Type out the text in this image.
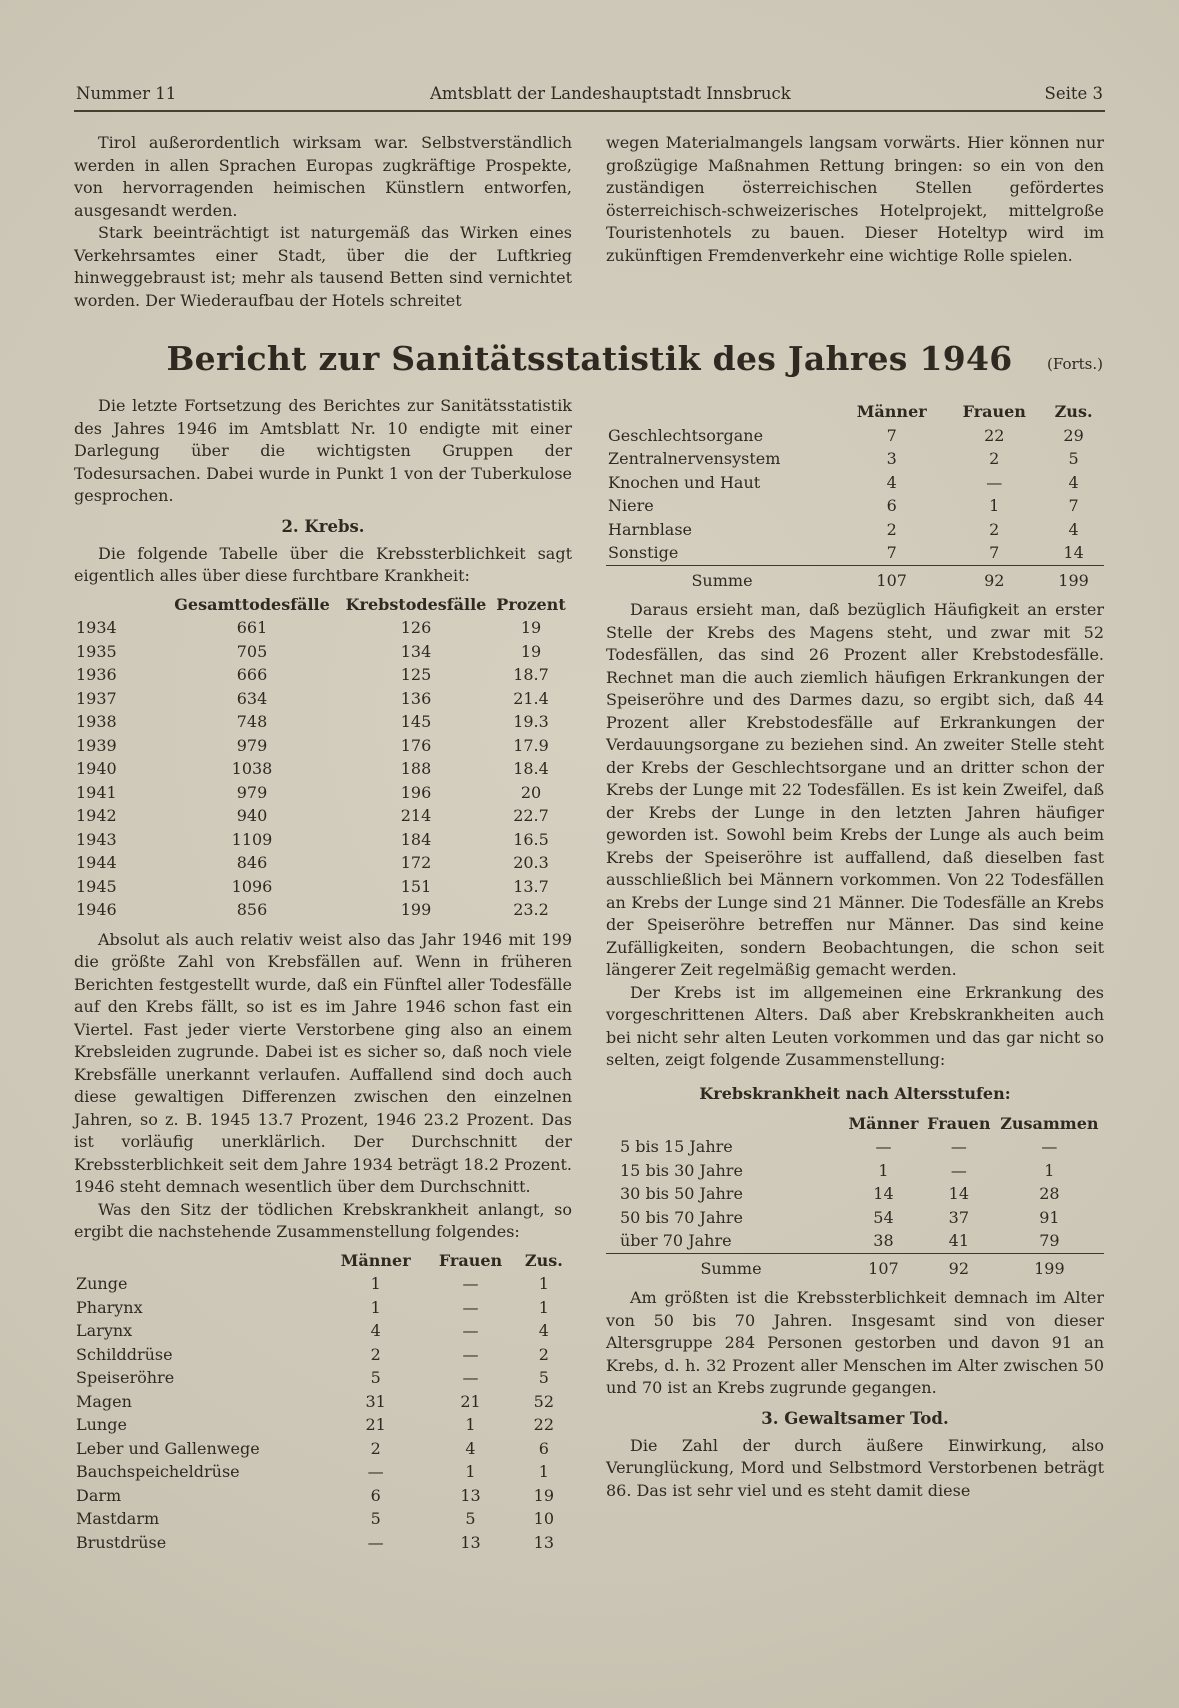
Nummer 11	Amtsblatt der Landeshauptstadt Innsbruck	Seite 3

Tirol außerordentlich wirksam war. Selbstverständlich werden in allen Sprachen Europas zugkräftige Prospekte, von hervorragenden heimischen Künstlern entworfen, ausgesandt werden.

Stark beeinträchtigt ist naturgemäß das Wirken eines Verkehrsamtes einer Stadt, über die der Luftkrieg hinweggebraust ist; mehr als tausend Betten sind vernichtet worden. Der Wiederaufbau der Hotels schreitet

wegen Materialmangels langsam vorwärts. Hier können nur großzügige Maßnahmen Rettung bringen: so ein von den zuständigen österreichischen Stellen gefördertes österreichisch-schweizerisches Hotelprojekt, mittelgroße Touristenhotels zu bauen. Dieser Hoteltyp wird im zukünftigen Fremdenverkehr eine wichtige Rolle spielen.

Bericht zur Sanitätsstatistik des Jahres 1946 (Forts.)

Die letzte Fortsetzung des Berichtes zur Sanitätsstatistik des Jahres 1946 im Amtsblatt Nr. 10 endigte mit einer Darlegung über die wichtigsten Gruppen der Todesursachen. Dabei wurde in Punkt 1 von der Tuberkulose gesprochen.

2. Krebs.

Die folgende Tabelle über die Krebssterblichkeit sagt eigentlich alles über diese furchtbare Krankheit:

	Gesamttodesfälle	Krebstodesfälle	Prozent
1934	661	126	19
1935	705	134	19
1936	666	125	18.7
1937	634	136	21.4
1938	748	145	19.3
1939	979	176	17.9
1940	1038	188	18.4
1941	979	196	20
1942	940	214	22.7
1943	1109	184	16.5
1944	846	172	20.3
1945	1096	151	13.7
1946	856	199	23.2

Absolut als auch relativ weist also das Jahr 1946 mit 199 die größte Zahl von Krebsfällen auf. Wenn in früheren Berichten festgestellt wurde, daß ein Fünftel aller Todesfälle auf den Krebs fällt, so ist es im Jahre 1946 schon fast ein Viertel. Fast jeder vierte Verstorbene ging also an einem Krebsleiden zugrunde. Dabei ist es sicher so, daß noch viele Krebsfälle unerkannt verlaufen. Auffallend sind doch auch diese gewaltigen Differenzen zwischen den einzelnen Jahren, so z. B. 1945 13.7 Prozent, 1946 23.2 Prozent. Das ist vorläufig unerklärlich. Der Durchschnitt der Krebssterblichkeit seit dem Jahre 1934 beträgt 18.2 Prozent. 1946 steht demnach wesentlich über dem Durchschnitt.

Was den Sitz der tödlichen Krebskrankheit anlangt, so ergibt die nachstehende Zusammenstellung folgendes:

	Männer	Frauen	Zus.
Zunge	1	—	1
Pharynx	1	—	1
Larynx	4	—	4
Schilddrüse	2	—	2
Speiseröhre	5	—	5
Magen	31	21	52
Lunge	21	1	22
Leber und Gallenwege	2	4	6
Bauchspeicheldrüse	—	1	1
Darm	6	13	19
Mastdarm	5	5	10
Brustdrüse	—	13	13
	Männer	Frauen	Zus.
Geschlechtsorgane	7	22	29
Zentralnervensystem	3	2	5
Knochen und Haut	4	—	4
Niere	6	1	7
Harnblase	2	2	4
Sonstige	7	7	14
Summe	107	92	199

Daraus ersieht man, daß bezüglich Häufigkeit an erster Stelle der Krebs des Magens steht, und zwar mit 52 Todesfällen, das sind 26 Prozent aller Krebstodesfälle. Rechnet man die auch ziemlich häufigen Erkrankungen der Speiseröhre und des Darmes dazu, so ergibt sich, daß 44 Prozent aller Krebstodesfälle auf Erkrankungen der Verdauungsorgane zu beziehen sind. An zweiter Stelle steht der Krebs der Geschlechtsorgane und an dritter schon der Krebs der Lunge mit 22 Todesfällen. Es ist kein Zweifel, daß der Krebs der Lunge in den letzten Jahren häufiger geworden ist. Sowohl beim Krebs der Lunge als auch beim Krebs der Speiseröhre ist auffallend, daß dieselben fast ausschließlich bei Männern vorkommen. Von 22 Todesfällen an Krebs der Lunge sind 21 Männer. Die Todesfälle an Krebs der Speiseröhre betreffen nur Männer. Das sind keine Zufälligkeiten, sondern Beobachtungen, die schon seit längerer Zeit regelmäßig gemacht werden.

Der Krebs ist im allgemeinen eine Erkrankung des vorgeschrittenen Alters. Daß aber Krebskrankheiten auch bei nicht sehr alten Leuten vorkommen und das gar nicht so selten, zeigt folgende Zusammenstellung:

Krebskrankheit nach Altersstufen:
	Männer	Frauen	Zusammen
5 bis 15 Jahre	—	—	—
15 bis 30 Jahre	1	—	1
30 bis 50 Jahre	14	14	28
50 bis 70 Jahre	54	37	91
über 70 Jahre	38	41	79
Summe	107	92	199

Am größten ist die Krebssterblichkeit demnach im Alter von 50 bis 70 Jahren. Insgesamt sind von dieser Altersgruppe 284 Personen gestorben und davon 91 an Krebs, d. h. 32 Prozent aller Menschen im Alter zwischen 50 und 70 ist an Krebs zugrunde gegangen.

3. Gewaltsamer Tod.

Die Zahl der durch äußere Einwirkung, also Verunglückung, Mord und Selbstmord Verstorbenen beträgt 86. Das ist sehr viel und es steht damit diese
